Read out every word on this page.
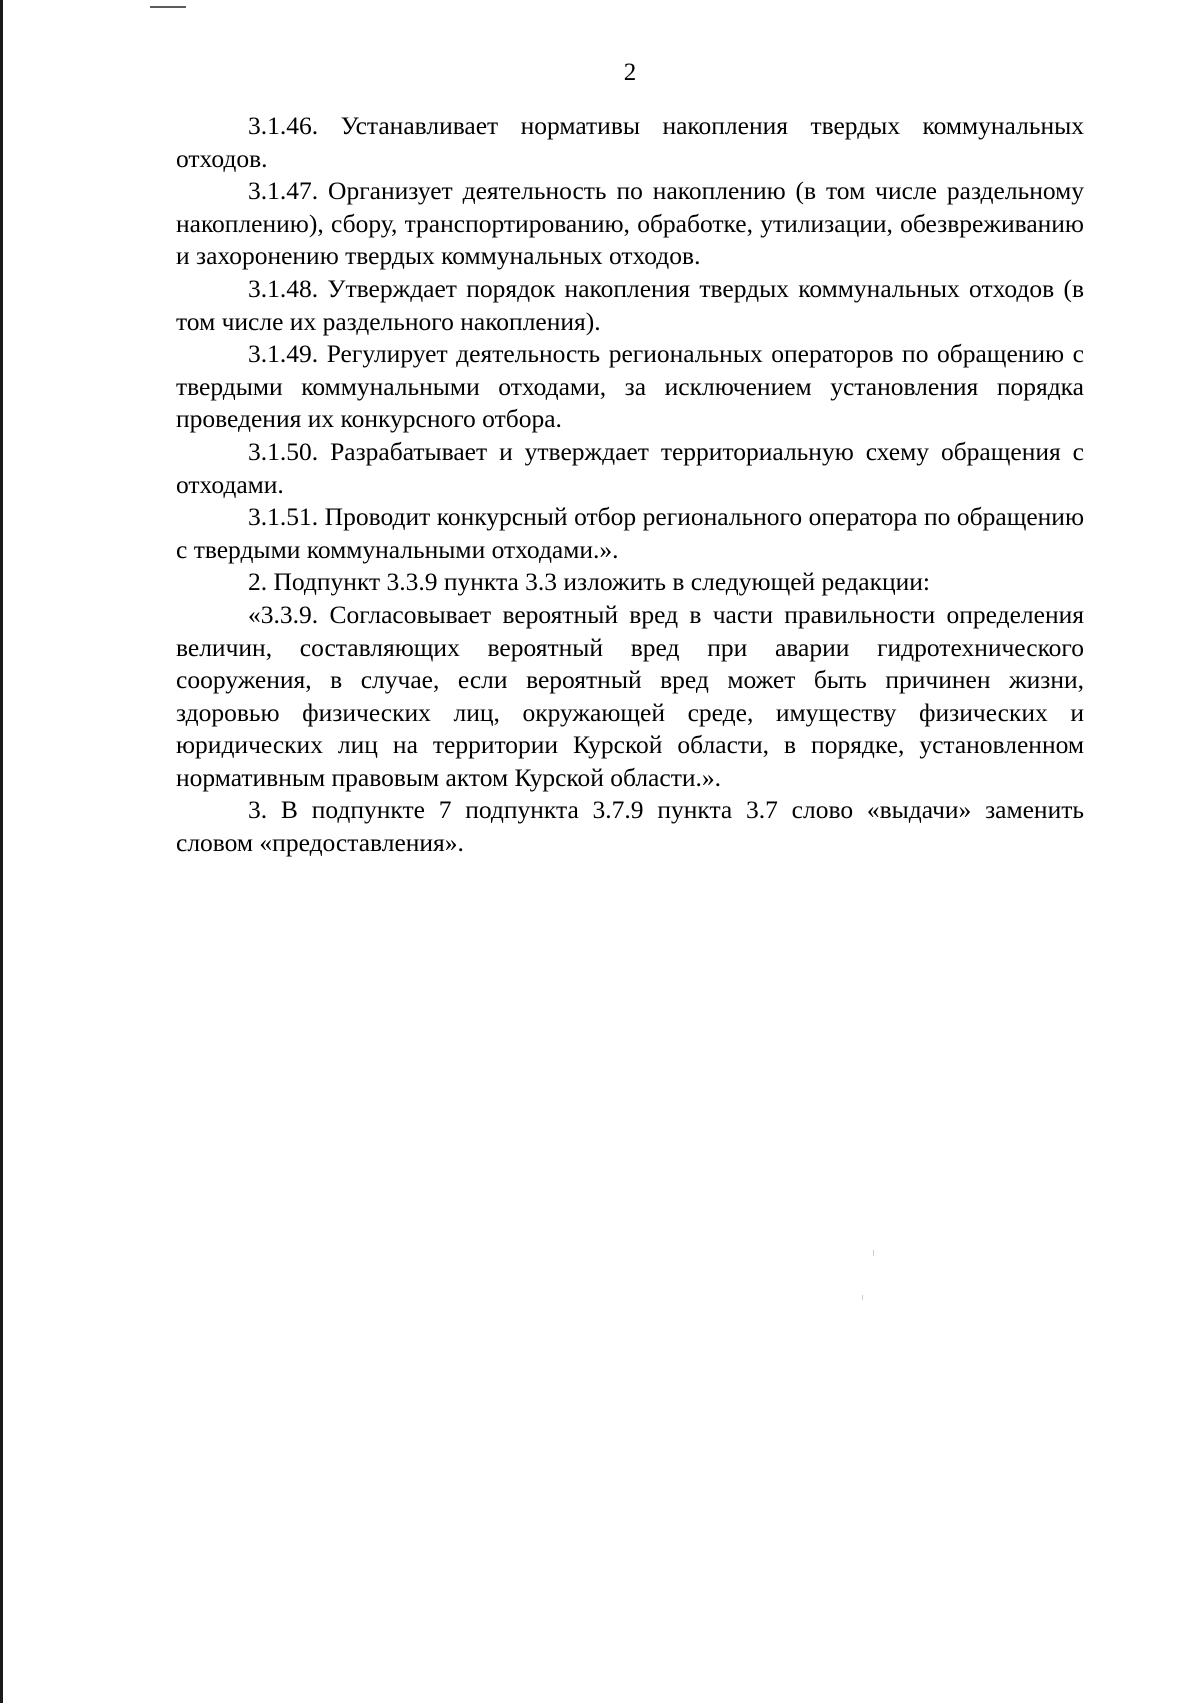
2

3.1.46. Устанавливает нормативы накопления твердых коммунальных отходов.

3.1.47. Организует деятельность по накоплению (в том числе раздельному накоплению), сбору, транспортированию, обработке, утилизации, обезвреживанию и захоронению твердых коммунальных отходов.

3.1.48. Утверждает порядок накопления твердых коммунальных отходов (в том числе их раздельного накопления).

3.1.49. Регулирует деятельность региональных операторов по обращению с твердыми коммунальными отходами, за исключением установления порядка проведения их конкурсного отбора.

3.1.50. Разрабатывает и утверждает территориальную схему обращения с отходами.

3.1.51. Проводит конкурсный отбор регионального оператора по обращению с твердыми коммунальными отходами.».

2. Подпункт 3.3.9 пункта 3.3 изложить в следующей редакции:

«3.3.9. Согласовывает вероятный вред в части правильности определения величин, составляющих вероятный вред при аварии гидротехнического сооружения, в случае, если вероятный вред может быть причинен жизни, здоровью физических лиц, окружающей среде, имуществу физических и юридических лиц на территории Курской области, в порядке, установленном нормативным правовым актом Курской области.».

3. В подпункте 7 подпункта 3.7.9 пункта 3.7 слово «выдачи» заменить словом «предоставления».
